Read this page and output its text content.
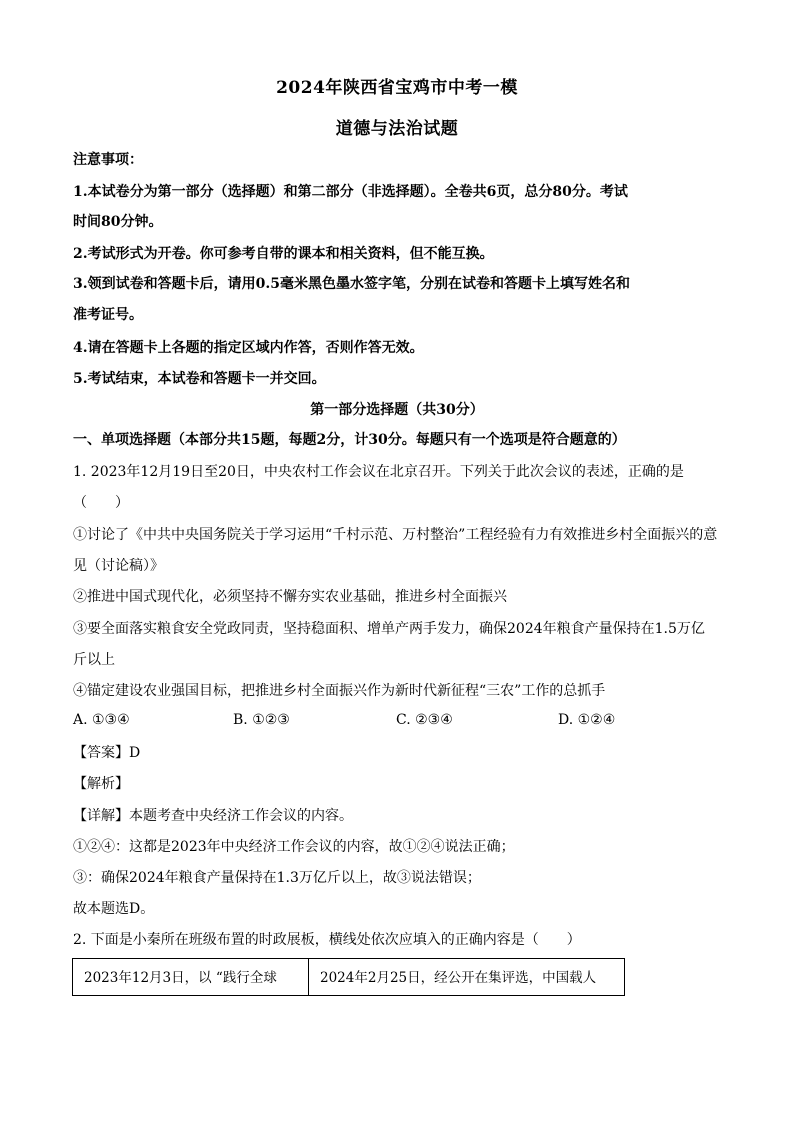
2024年陕西省宝鸡市中考一模
道德与法治试题
注意事项：
1.本试卷分为第一部分（选择题）和第二部分（非选择题）。全卷共6页，总分80分。考试
时间80分钟。
2.考试形式为开卷。你可参考自带的课本和相关资料，但不能互换。
3.领到试卷和答题卡后，请用0.5毫米黑色墨水签字笔，分别在试卷和答题卡上填写姓名和
准考证号。
4.请在答题卡上各题的指定区域内作答，否则作答无效。
5.考试结束，本试卷和答题卡一并交回。
第一部分选择题（共30分）
一、单项选择题（本部分共15题，每题2分，计30分。每题只有一个选项是符合题意的）
1. 2023年12月19日至20日，中央农村工作会议在北京召开。下列关于此次会议的表述，正确的是
（　　）
①讨论了《中共中央国务院关于学习运用“千村示范、万村整治”工程经验有力有效推进乡村全面振兴的意
见（讨论稿）》
②推进中国式现代化，必须坚持不懈夯实农业基础，推进乡村全面振兴
③要全面落实粮食安全党政同责，坚持稳面积、增单产两手发力，确保2024年粮食产量保持在1.5万亿
斤以上
④锚定建设农业强国目标，把推进乡村全面振兴作为新时代新征程“三农”工作的总抓手
A. ①③④	B. ①②③	C. ②③④	D. ①②④
【答案】D
【解析】
【详解】本题考查中央经济工作会议的内容。
①②④：这都是2023年中央经济工作会议的内容，故①②④说法正确；
③：确保2024年粮食产量保持在1.3万亿斤以上，故③说法错误；
故本题选D。
2. 下面是小秦所在班级布置的时政展板，横线处依次应填入的正确内容是（　　）
2023年12月3日，以 “践行全球	2024年2月25日，经公开在集评选，中国载人
